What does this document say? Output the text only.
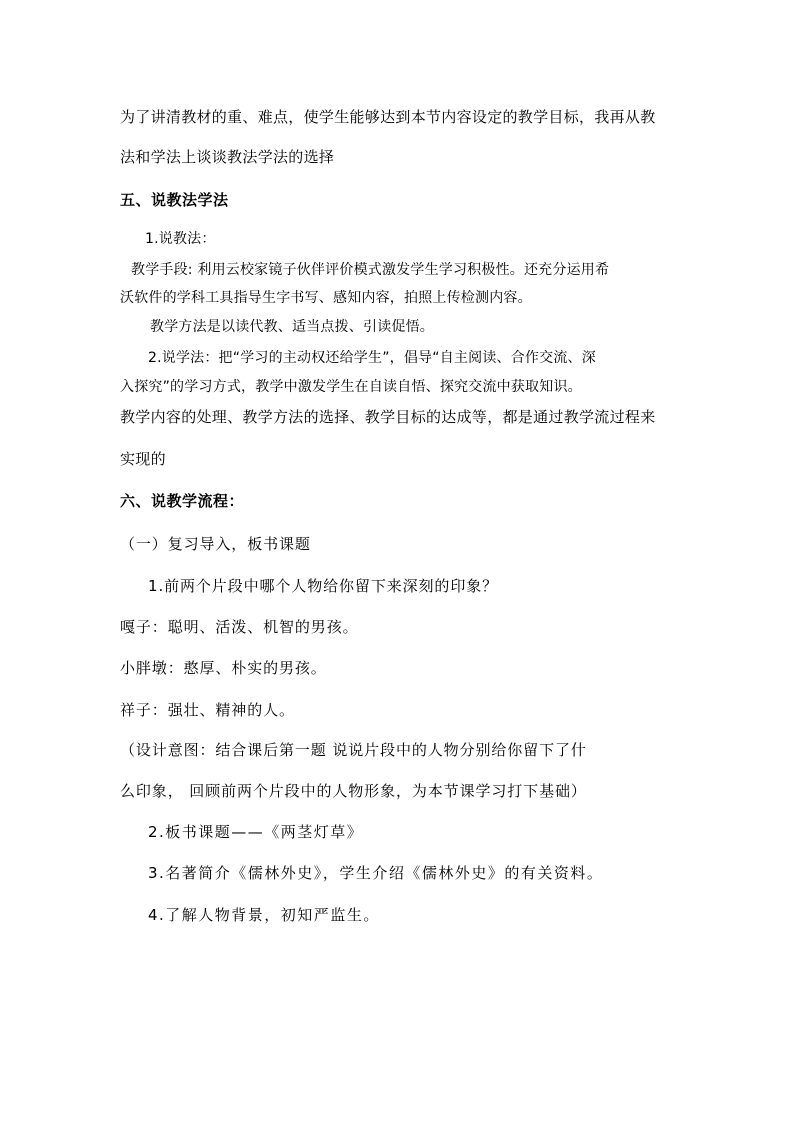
为了讲清教材的重、难点，使学生能够达到本节内容设定的教学目标，我再从教
法和学法上谈谈教法学法的选择
五、说教法学法
1.说教法：
教学手段: 利用云校家镜子伙伴评价模式激发学生学习积极性。还充分运用希
沃软件的学科工具指导生字书写、感知内容，拍照上传检测内容。
教学方法是以读代教、适当点拨、引读促悟。
2.说学法：把“学习的主动权还给学生”，倡导“自主阅读、合作交流、深
入探究”的学习方式，教学中激发学生在自读自悟、探究交流中获取知识。
教学内容的处理、教学方法的选择、教学目标的达成等，都是通过教学流过程来
实现的
六、说教学流程：
（一）复习导入，板书课题
1.前两个片段中哪个人物给你留下来深刻的印象？
嘎子：聪明、活泼、机智的男孩。
小胖墩：憨厚、朴实的男孩。
祥子：强壮、精神的人。
（设计意图：结合课后第一题 说说片段中的人物分别给你留下了什
么印象， 回顾前两个片段中的人物形象，为本节课学习打下基础）
2.板书课题——《两茎灯草》
3.名著简介《儒林外史》，学生介绍《儒林外史》的有关资料。
4.了解人物背景，初知严监生。
